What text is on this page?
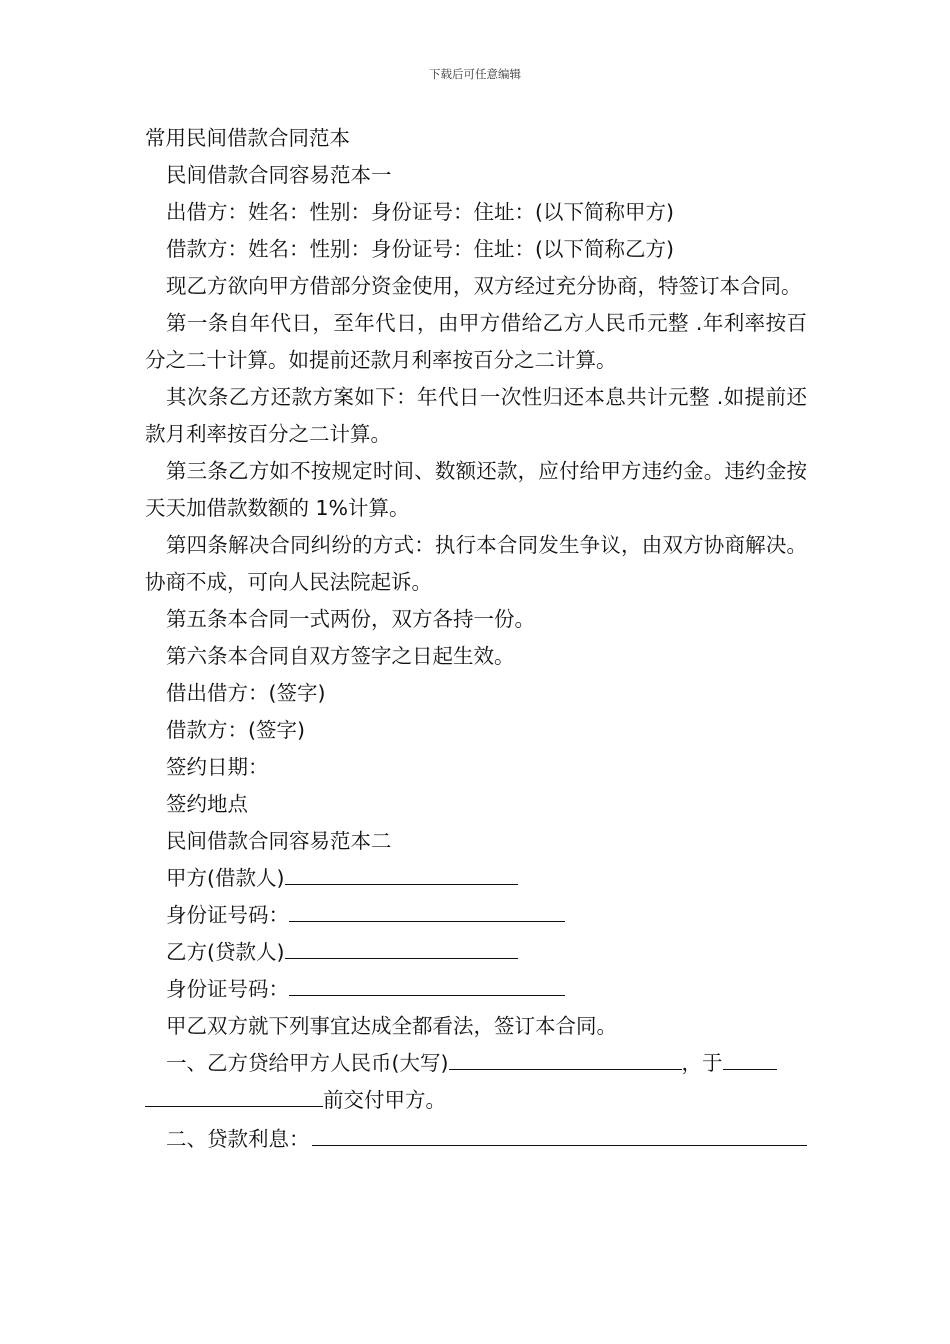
下载后可任意编辑
常用民间借款合同范本
民间借款合同容易范本一
出借方：姓名：性别：身份证号：住址：(以下简称甲方)
借款方：姓名：性别：身份证号：住址：(以下简称乙方)

现乙方欲向甲方借部分资金使用，双方经过充分协商，特签订本合同。

第一条自年代日，至年代日，由甲方借给乙方人民币元整 .年利率按百分之二十计算。如提前还款月利率按百分之二计算。

其次条乙方还款方案如下：年代日一次性归还本息共计元整 .如提前还款月利率按百分之二计算。

第三条乙方如不按规定时间、数额还款，应付给甲方违约金。违约金按天天加借款数额的 1%计算。

第四条解决合同纠纷的方式：执行本合同发生争议，由双方协商解决。协商不成，可向人民法院起诉。

第五条本合同一式两份，双方各持一份。
第六条本合同自双方签字之日起生效。
借出借方：(签字)
借款方：(签字)
签约日期：
签约地点
民间借款合同容易范本二
甲方(借款人)
身份证号码：
乙方(贷款人)
身份证号码：
甲乙双方就下列事宜达成全都看法，签订本合同。
一、乙方贷给甲方人民币(大写)	，于
前交付甲方。
二、贷款利息：
